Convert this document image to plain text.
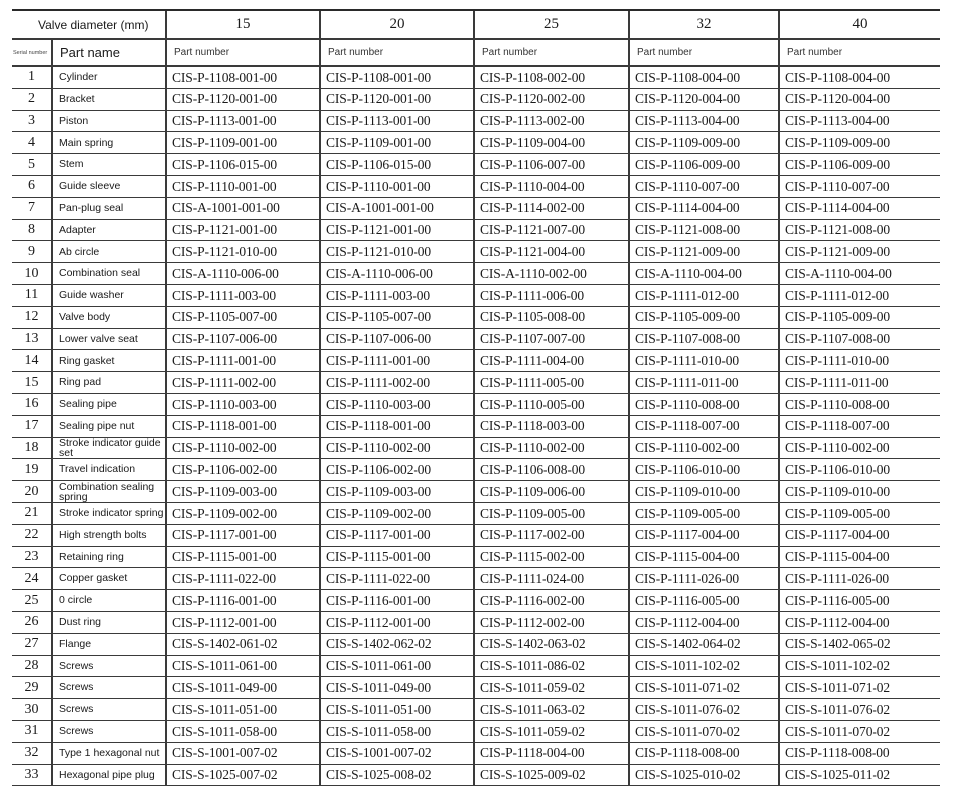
Valve diameter (mm)		15	20	25	32	40
Serial number	Part name	Part number	Part number	Part number	Part number	Part number
1	Cylinder	CIS-P-1108-001-00	CIS-P-1108-001-00	CIS-P-1108-002-00	CIS-P-1108-004-00	CIS-P-1108-004-00
2	Bracket	CIS-P-1120-001-00	CIS-P-1120-001-00	CIS-P-1120-002-00	CIS-P-1120-004-00	CIS-P-1120-004-00
3	Piston	CIS-P-1113-001-00	CIS-P-1113-001-00	CIS-P-1113-002-00	CIS-P-1113-004-00	CIS-P-1113-004-00
4	Main spring	CIS-P-1109-001-00	CIS-P-1109-001-00	CIS-P-1109-004-00	CIS-P-1109-009-00	CIS-P-1109-009-00
5	Stem	CIS-P-1106-015-00	CIS-P-1106-015-00	CIS-P-1106-007-00	CIS-P-1106-009-00	CIS-P-1106-009-00
6	Guide sleeve	CIS-P-1110-001-00	CIS-P-1110-001-00	CIS-P-1110-004-00	CIS-P-1110-007-00	CIS-P-1110-007-00
7	Pan-plug seal	CIS-A-1001-001-00	CIS-A-1001-001-00	CIS-P-1114-002-00	CIS-P-1114-004-00	CIS-P-1114-004-00
8	Adapter	CIS-P-1121-001-00	CIS-P-1121-001-00	CIS-P-1121-007-00	CIS-P-1121-008-00	CIS-P-1121-008-00
9	Ab circle	CIS-P-1121-010-00	CIS-P-1121-010-00	CIS-P-1121-004-00	CIS-P-1121-009-00	CIS-P-1121-009-00
10	Combination seal	CIS-A-1110-006-00	CIS-A-1110-006-00	CIS-A-1110-002-00	CIS-A-1110-004-00	CIS-A-1110-004-00
11	Guide washer	CIS-P-1111-003-00	CIS-P-1111-003-00	CIS-P-1111-006-00	CIS-P-1111-012-00	CIS-P-1111-012-00
12	Valve body	CIS-P-1105-007-00	CIS-P-1105-007-00	CIS-P-1105-008-00	CIS-P-1105-009-00	CIS-P-1105-009-00
13	Lower valve seat	CIS-P-1107-006-00	CIS-P-1107-006-00	CIS-P-1107-007-00	CIS-P-1107-008-00	CIS-P-1107-008-00
14	Ring gasket	CIS-P-1111-001-00	CIS-P-1111-001-00	CIS-P-1111-004-00	CIS-P-1111-010-00	CIS-P-1111-010-00
15	Ring pad	CIS-P-1111-002-00	CIS-P-1111-002-00	CIS-P-1111-005-00	CIS-P-1111-011-00	CIS-P-1111-011-00
16	Sealing pipe	CIS-P-1110-003-00	CIS-P-1110-003-00	CIS-P-1110-005-00	CIS-P-1110-008-00	CIS-P-1110-008-00
17	Sealing pipe nut	CIS-P-1118-001-00	CIS-P-1118-001-00	CIS-P-1118-003-00	CIS-P-1118-007-00	CIS-P-1118-007-00
18	Stroke indicator guide set	CIS-P-1110-002-00	CIS-P-1110-002-00	CIS-P-1110-002-00	CIS-P-1110-002-00	CIS-P-1110-002-00
19	Travel indication	CIS-P-1106-002-00	CIS-P-1106-002-00	CIS-P-1106-008-00	CIS-P-1106-010-00	CIS-P-1106-010-00
20	Combination sealing spring	CIS-P-1109-003-00	CIS-P-1109-003-00	CIS-P-1109-006-00	CIS-P-1109-010-00	CIS-P-1109-010-00
21	Stroke indicator spring	CIS-P-1109-002-00	CIS-P-1109-002-00	CIS-P-1109-005-00	CIS-P-1109-005-00	CIS-P-1109-005-00
22	High strength bolts	CIS-P-1117-001-00	CIS-P-1117-001-00	CIS-P-1117-002-00	CIS-P-1117-004-00	CIS-P-1117-004-00
23	Retaining ring	CIS-P-1115-001-00	CIS-P-1115-001-00	CIS-P-1115-002-00	CIS-P-1115-004-00	CIS-P-1115-004-00
24	Copper gasket	CIS-P-1111-022-00	CIS-P-1111-022-00	CIS-P-1111-024-00	CIS-P-1111-026-00	CIS-P-1111-026-00
25	0 circle	CIS-P-1116-001-00	CIS-P-1116-001-00	CIS-P-1116-002-00	CIS-P-1116-005-00	CIS-P-1116-005-00
26	Dust ring	CIS-P-1112-001-00	CIS-P-1112-001-00	CIS-P-1112-002-00	CIS-P-1112-004-00	CIS-P-1112-004-00
27	Flange	CIS-S-1402-061-02	CIS-S-1402-062-02	CIS-S-1402-063-02	CIS-S-1402-064-02	CIS-S-1402-065-02
28	Screws	CIS-S-1011-061-00	CIS-S-1011-061-00	CIS-S-1011-086-02	CIS-S-1011-102-02	CIS-S-1011-102-02
29	Screws	CIS-S-1011-049-00	CIS-S-1011-049-00	CIS-S-1011-059-02	CIS-S-1011-071-02	CIS-S-1011-071-02
30	Screws	CIS-S-1011-051-00	CIS-S-1011-051-00	CIS-S-1011-063-02	CIS-S-1011-076-02	CIS-S-1011-076-02
31	Screws	CIS-S-1011-058-00	CIS-S-1011-058-00	CIS-S-1011-059-02	CIS-S-1011-070-02	CIS-S-1011-070-02
32	Type 1 hexagonal nut	CIS-S-1001-007-02	CIS-S-1001-007-02	CIS-P-1118-004-00	CIS-P-1118-008-00	CIS-P-1118-008-00
33	Hexagonal pipe plug	CIS-S-1025-007-02	CIS-S-1025-008-02	CIS-S-1025-009-02	CIS-S-1025-010-02	CIS-S-1025-011-02
